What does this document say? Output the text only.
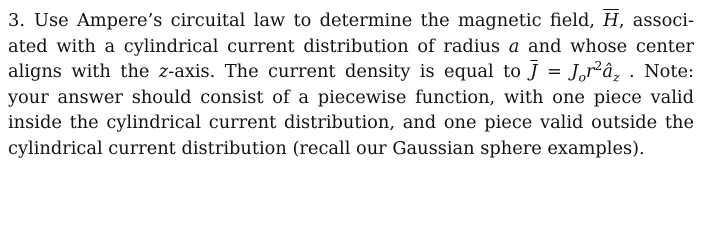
3. Use Ampere’s circuital law to determine the magnetic field, $\overline{H}$, associ-
ated with a cylindrical current distribution of radius a and whose center
aligns with the z-axis. The current density is equal to $\overline{J}$ = $J_or^2â_z$ . Note:
your answer should consist of a piecewise function, with one piece valid
inside the cylindrical current distribution, and one piece valid outside the
cylindrical current distribution (recall our Gaussian sphere examples).
